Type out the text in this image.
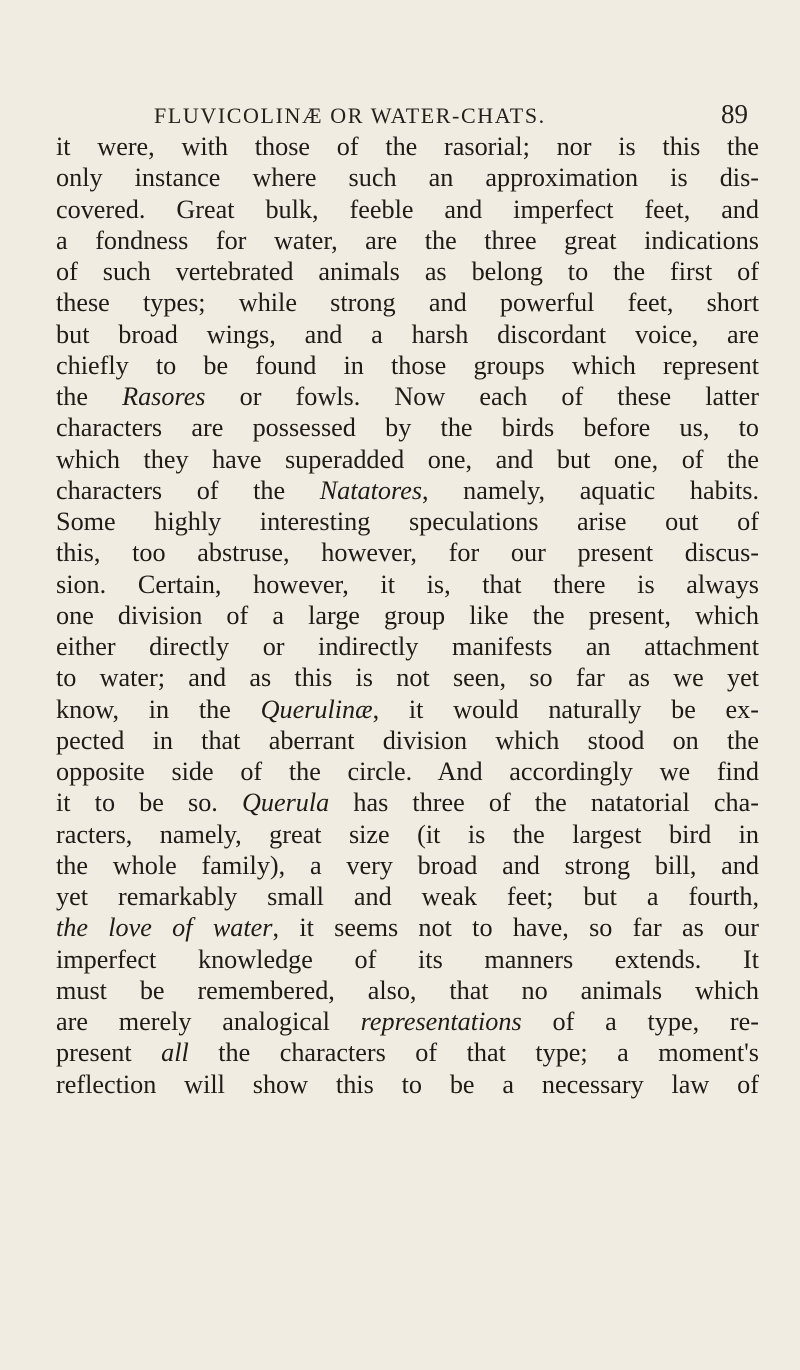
FLUVICOLINÆ OR WATER-CHATS.	89
it were, with those of the rasorial; nor is this the
only instance where such an approximation is dis-
covered. Great bulk, feeble and imperfect feet, and
a fondness for water, are the three great indications
of such vertebrated animals as belong to the first of
these types; while strong and powerful feet, short
but broad wings, and a harsh discordant voice, are
chiefly to be found in those groups which represent
the Rasores or fowls. Now each of these latter
characters are possessed by the birds before us, to
which they have superadded one, and but one, of the
characters of the Natatores, namely, aquatic habits.
Some highly interesting speculations arise out of
this, too abstruse, however, for our present discus-
sion. Certain, however, it is, that there is always
one division of a large group like the present, which
either directly or indirectly manifests an attachment
to water; and as this is not seen, so far as we yet
know, in the Querulinæ, it would naturally be ex-
pected in that aberrant division which stood on the
opposite side of the circle. And accordingly we find
it to be so. Querula has three of the natatorial cha-
racters, namely, great size (it is the largest bird in
the whole family), a very broad and strong bill, and
yet remarkably small and weak feet; but a fourth,
the love of water, it seems not to have, so far as our
imperfect knowledge of its manners extends. It
must be remembered, also, that no animals which
are merely analogical representations of a type, re-
present all the characters of that type; a moment's
reflection will show this to be a necessary law of
